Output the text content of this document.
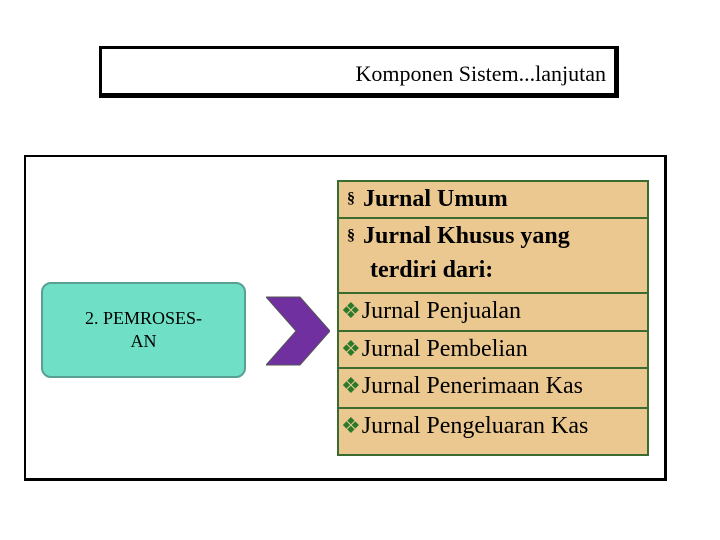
Komponen Sistem...lanjutan
2. PEMROSES-
AN
§ Jurnal Umum
§ Jurnal Khusus yang
terdiri dari:
❖Jurnal Penjualan
❖Jurnal Pembelian
❖Jurnal Penerimaan Kas
❖Jurnal Pengeluaran Kas
